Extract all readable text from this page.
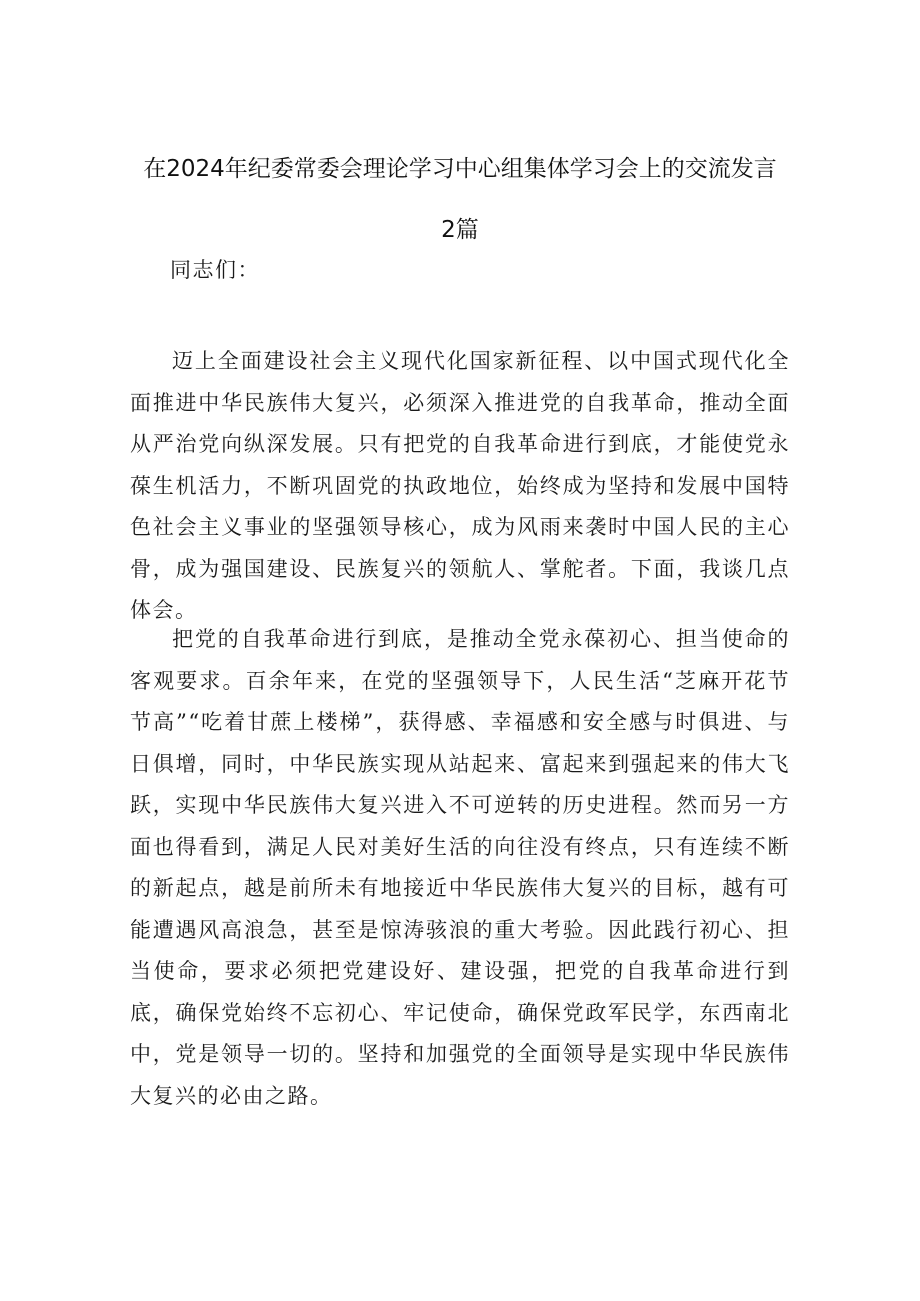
在2024年纪委常委会理论学习中心组集体学习会上的交流发言
2篇

同志们：

迈上全面建设社会主义现代化国家新征程、以中国式现代化全面推进中华民族伟大复兴，必须深入推进党的自我革命，推动全面从严治党向纵深发展。只有把党的自我革命进行到底，才能使党永葆生机活力，不断巩固党的执政地位，始终成为坚持和发展中国特色社会主义事业的坚强领导核心，成为风雨来袭时中国人民的主心骨，成为强国建设、民族复兴的领航人、掌舵者。下面，我谈几点体会。

把党的自我革命进行到底，是推动全党永葆初心、担当使命的客观要求。百余年来，在党的坚强领导下，人民生活“芝麻开花节节高”“吃着甘蔗上楼梯”，获得感、幸福感和安全感与时俱进、与日俱增，同时，中华民族实现从站起来、富起来到强起来的伟大飞跃，实现中华民族伟大复兴进入不可逆转的历史进程。然而另一方面也得看到，满足人民对美好生活的向往没有终点，只有连续不断的新起点，越是前所未有地接近中华民族伟大复兴的目标，越有可能遭遇风高浪急，甚至是惊涛骇浪的重大考验。因此践行初心、担当使命，要求必须把党建设好、建设强，把党的自我革命进行到底，确保党始终不忘初心、牢记使命，确保党政军民学，东西南北中，党是领导一切的。坚持和加强党的全面领导是实现中华民族伟大复兴的必由之路。
